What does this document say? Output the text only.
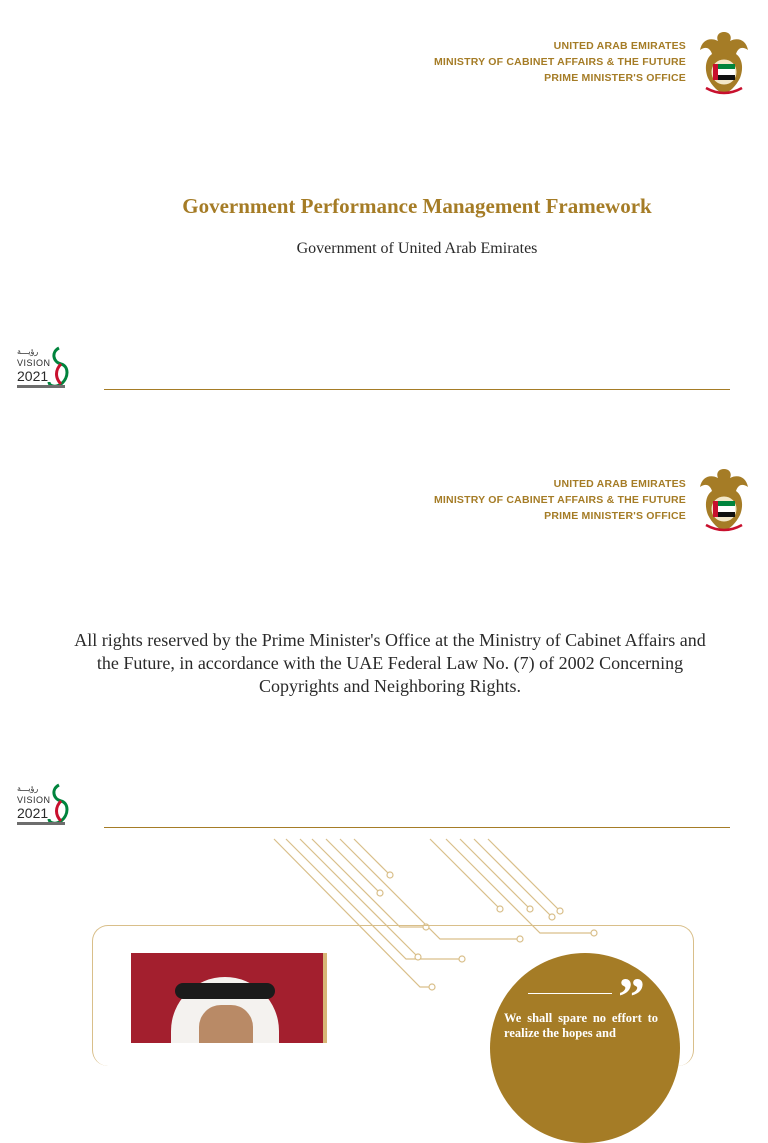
UNITED ARAB EMIRATES
MINISTRY OF CABINET AFFAIRS & THE FUTURE
PRIME MINISTER'S OFFICE
Government Performance Management Framework
Government of United Arab Emirates
رؤيـــة
VISION
2021
UNITED ARAB EMIRATES
MINISTRY OF CABINET AFFAIRS & THE FUTURE
PRIME MINISTER'S OFFICE
All rights reserved by the Prime Minister's Office at the Ministry of Cabinet Affairs and the Future, in accordance with the UAE Federal Law No. (7) of 2002 Concerning Copyrights and Neighboring Rights.
رؤيـــة
VISION
2021
”
We shall spare no effort to realize the hopes and
